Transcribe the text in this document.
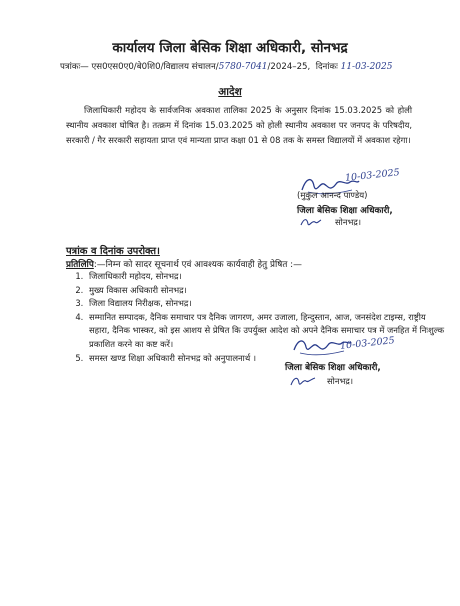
कार्यालय जिला बेसिक शिक्षा अधिकारी, सोनभद्र
पत्रांकः— एस0एस0ए0/बे0शि0/विद्यालय संचालन/5780-7041/2024–25, दिनांकः 11-03-2025
आदेश
जिलाधिकारी महोदय के सार्वजनिक अवकाश तालिका 2025 के अनुसार दिनांक 15.03.2025 को होली स्थानीय अवकाश घोषित है। तत्क्रम में दिनांक 15.03.2025 को होली स्थानीय अवकाश पर जनपद के परिषदीय, सरकारी / गैर सरकारी सहायता प्राप्त एवं मान्यता प्राप्त कक्षा 01 से 08 तक के समस्त विद्यालयों में अवकाश रहेगा।
10-03-2025
(मुकुल आनन्द पाण्डेय)
जिला बेसिक शिक्षा अधिकारी,
सोनभद्र।
पत्रांक व दिनांक उपरोक्त।
प्रतिलिपि:—निम्न को सादर सूचनार्थ एवं आवश्यक कार्यवाही हेतु प्रेषित :—
1. जिलाधिकारी महोदय, सोनभद्र।
2. मुख्य विकास अधिकारी सोनभद्र।
3. जिला विद्यालय निरीक्षक, सोनभद्र।
4. सम्मानित सम्पादक, दैनिक समाचार पत्र दैनिक जागरण, अमर उजाला, हिन्दुस्तान, आज, जनसंदेश टाइम्स, राष्ट्रीय सहारा, दैनिक भास्कर, को इस आशय से प्रेषित कि उपर्युक्त आदेश को अपने दैनिक समाचार पत्र में जनहित में निःशुल्क प्रकाशित करने का कष्ट करें।
5. समस्त खण्ड शिक्षा अधिकारी सोनभद्र को अनुपालनार्थ ।
10-03-2025
जिला बेसिक शिक्षा अधिकारी,
सोनभद्र।
